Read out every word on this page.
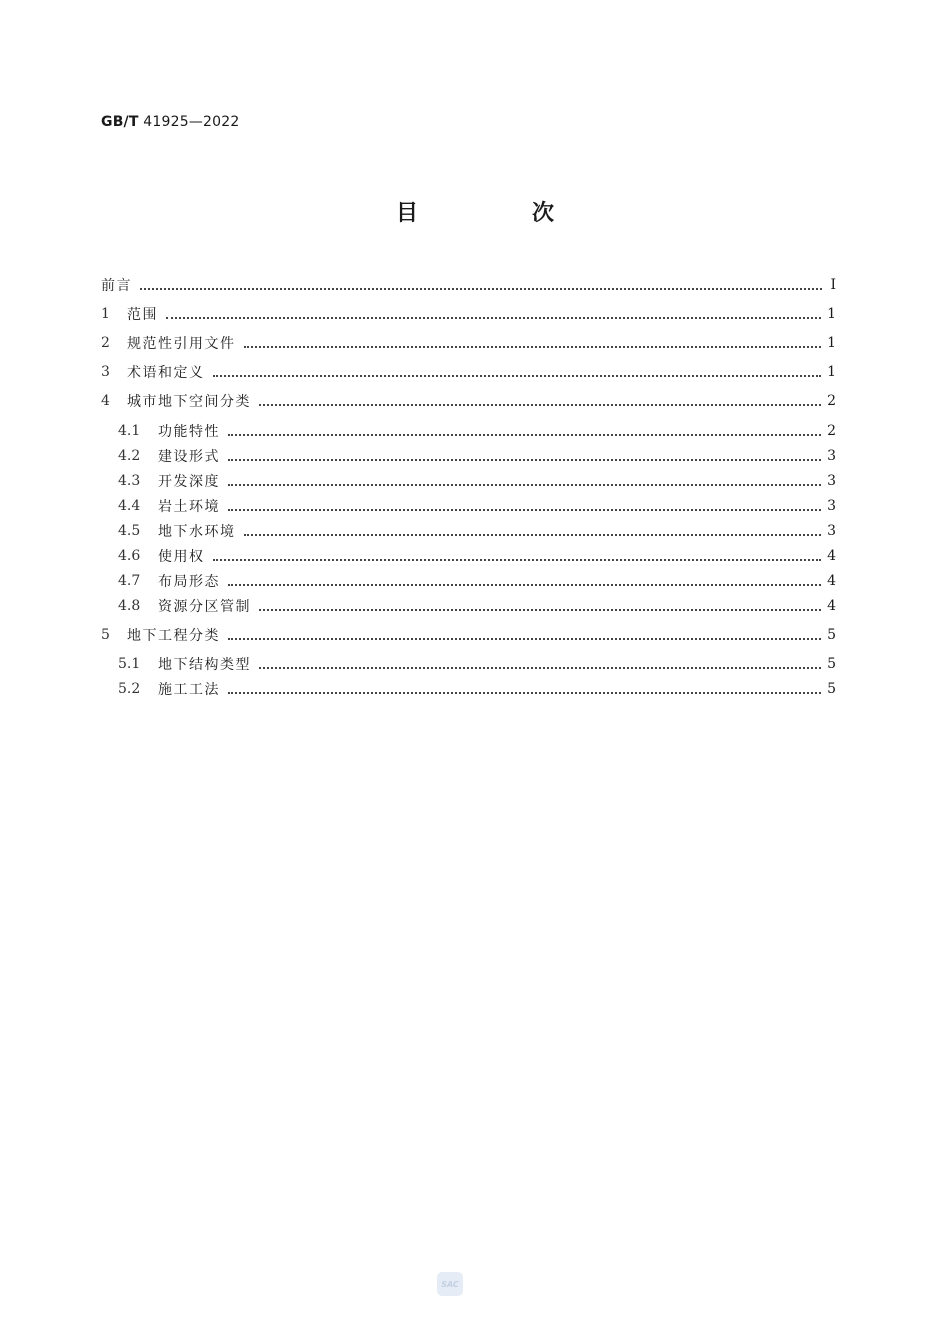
GB/T 41925—2022
目　次
前言	Ⅰ
1	范围	1
2	规范性引用文件	1
3	术语和定义	1
4	城市地下空间分类	2
4.1	功能特性	2
4.2	建设形式	3
4.3	开发深度	3
4.4	岩土环境	3
4.5	地下水环境	3
4.6	使用权	4
4.7	布局形态	4
4.8	资源分区管制	4
5	地下工程分类	5
5.1	地下结构类型	5
5.2	施工工法	5
SAC
